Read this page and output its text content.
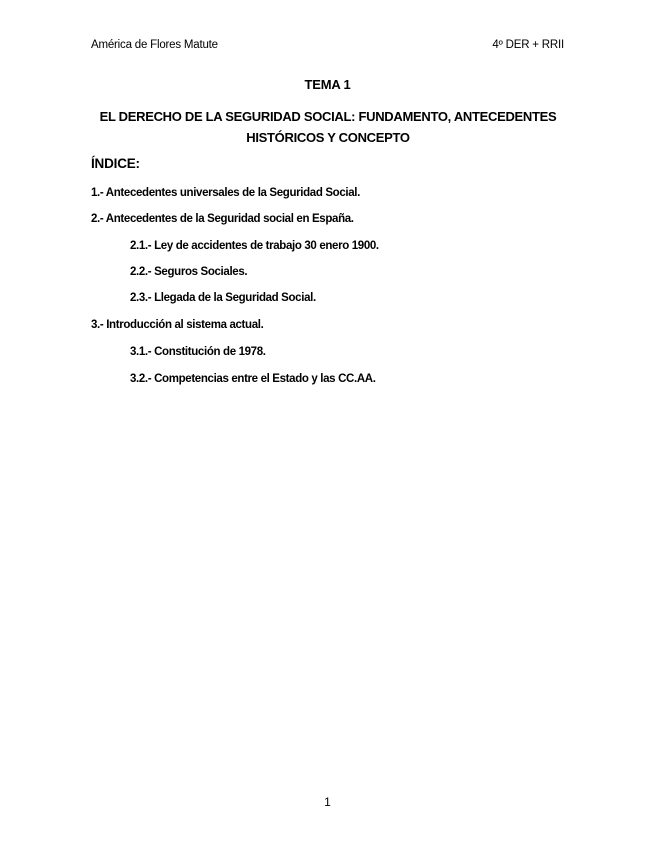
América de Flores Matute	4º DER + RRII
TEMA 1
EL DERECHO DE LA SEGURIDAD SOCIAL: FUNDAMENTO, ANTECEDENTES
HISTÓRICOS Y CONCEPTO
ÍNDICE:
1.- Antecedentes universales de la Seguridad Social.
2.- Antecedentes de la Seguridad social en España.
2.1.- Ley de accidentes de trabajo 30 enero 1900.
2.2.- Seguros Sociales.
2.3.- Llegada de la Seguridad Social.
3.- Introducción al sistema actual.
3.1.- Constitución de 1978.
3.2.- Competencias entre el Estado y las CC.AA.
1
